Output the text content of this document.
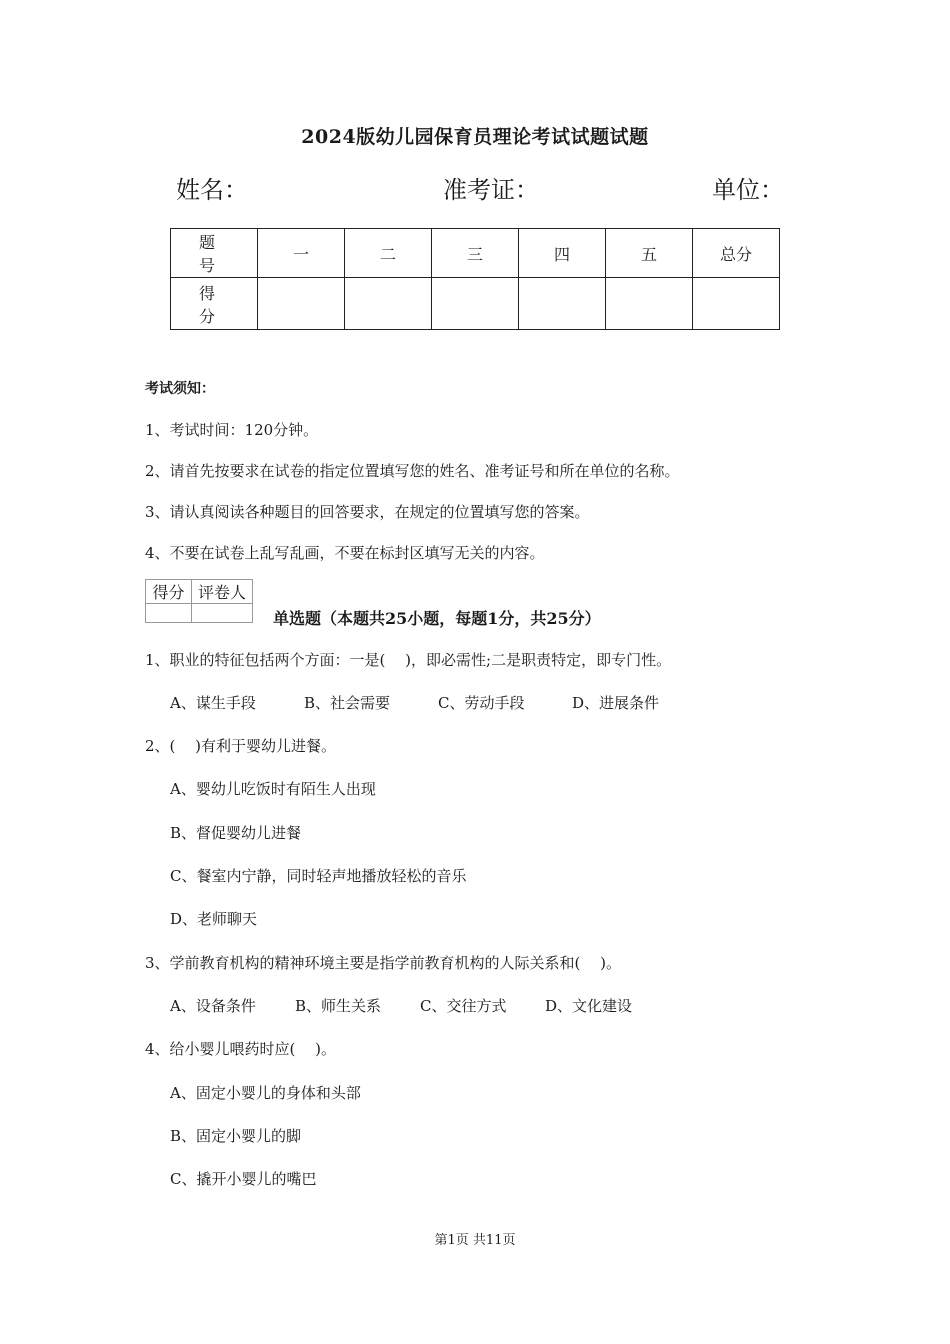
2024版幼儿园保育员理论考试试题试题
姓名：	准考证：	单位：
题　号	一	二	三	四	五	总分
得　分						
考试须知：
1、考试时间：120分钟。
2、请首先按要求在试卷的指定位置填写您的姓名、准考证号和所在单位的名称。
3、请认真阅读各种题目的回答要求，在规定的位置填写您的答案。
4、不要在试卷上乱写乱画，不要在标封区填写无关的内容。
得分	评卷人

单选题（本题共25小题，每题1分，共25分）
1、职业的特征包括两个方面：一是(　 )，即必需性;二是职责特定，即专门性。
A、谋生手段	B、社会需要	C、劳动手段	D、进展条件
2、(　 )有利于婴幼儿进餐。
A、婴幼儿吃饭时有陌生人出现
B、督促婴幼儿进餐
C、餐室内宁静，同时轻声地播放轻松的音乐
D、老师聊天
3、学前教育机构的精神环境主要是指学前教育机构的人际关系和(　 )。
A、设备条件	B、师生关系	C、交往方式	D、文化建设
4、给小婴儿喂药时应(　 )。
A、固定小婴儿的身体和头部
B、固定小婴儿的脚
C、撬开小婴儿的嘴巴
第1页 共11页
